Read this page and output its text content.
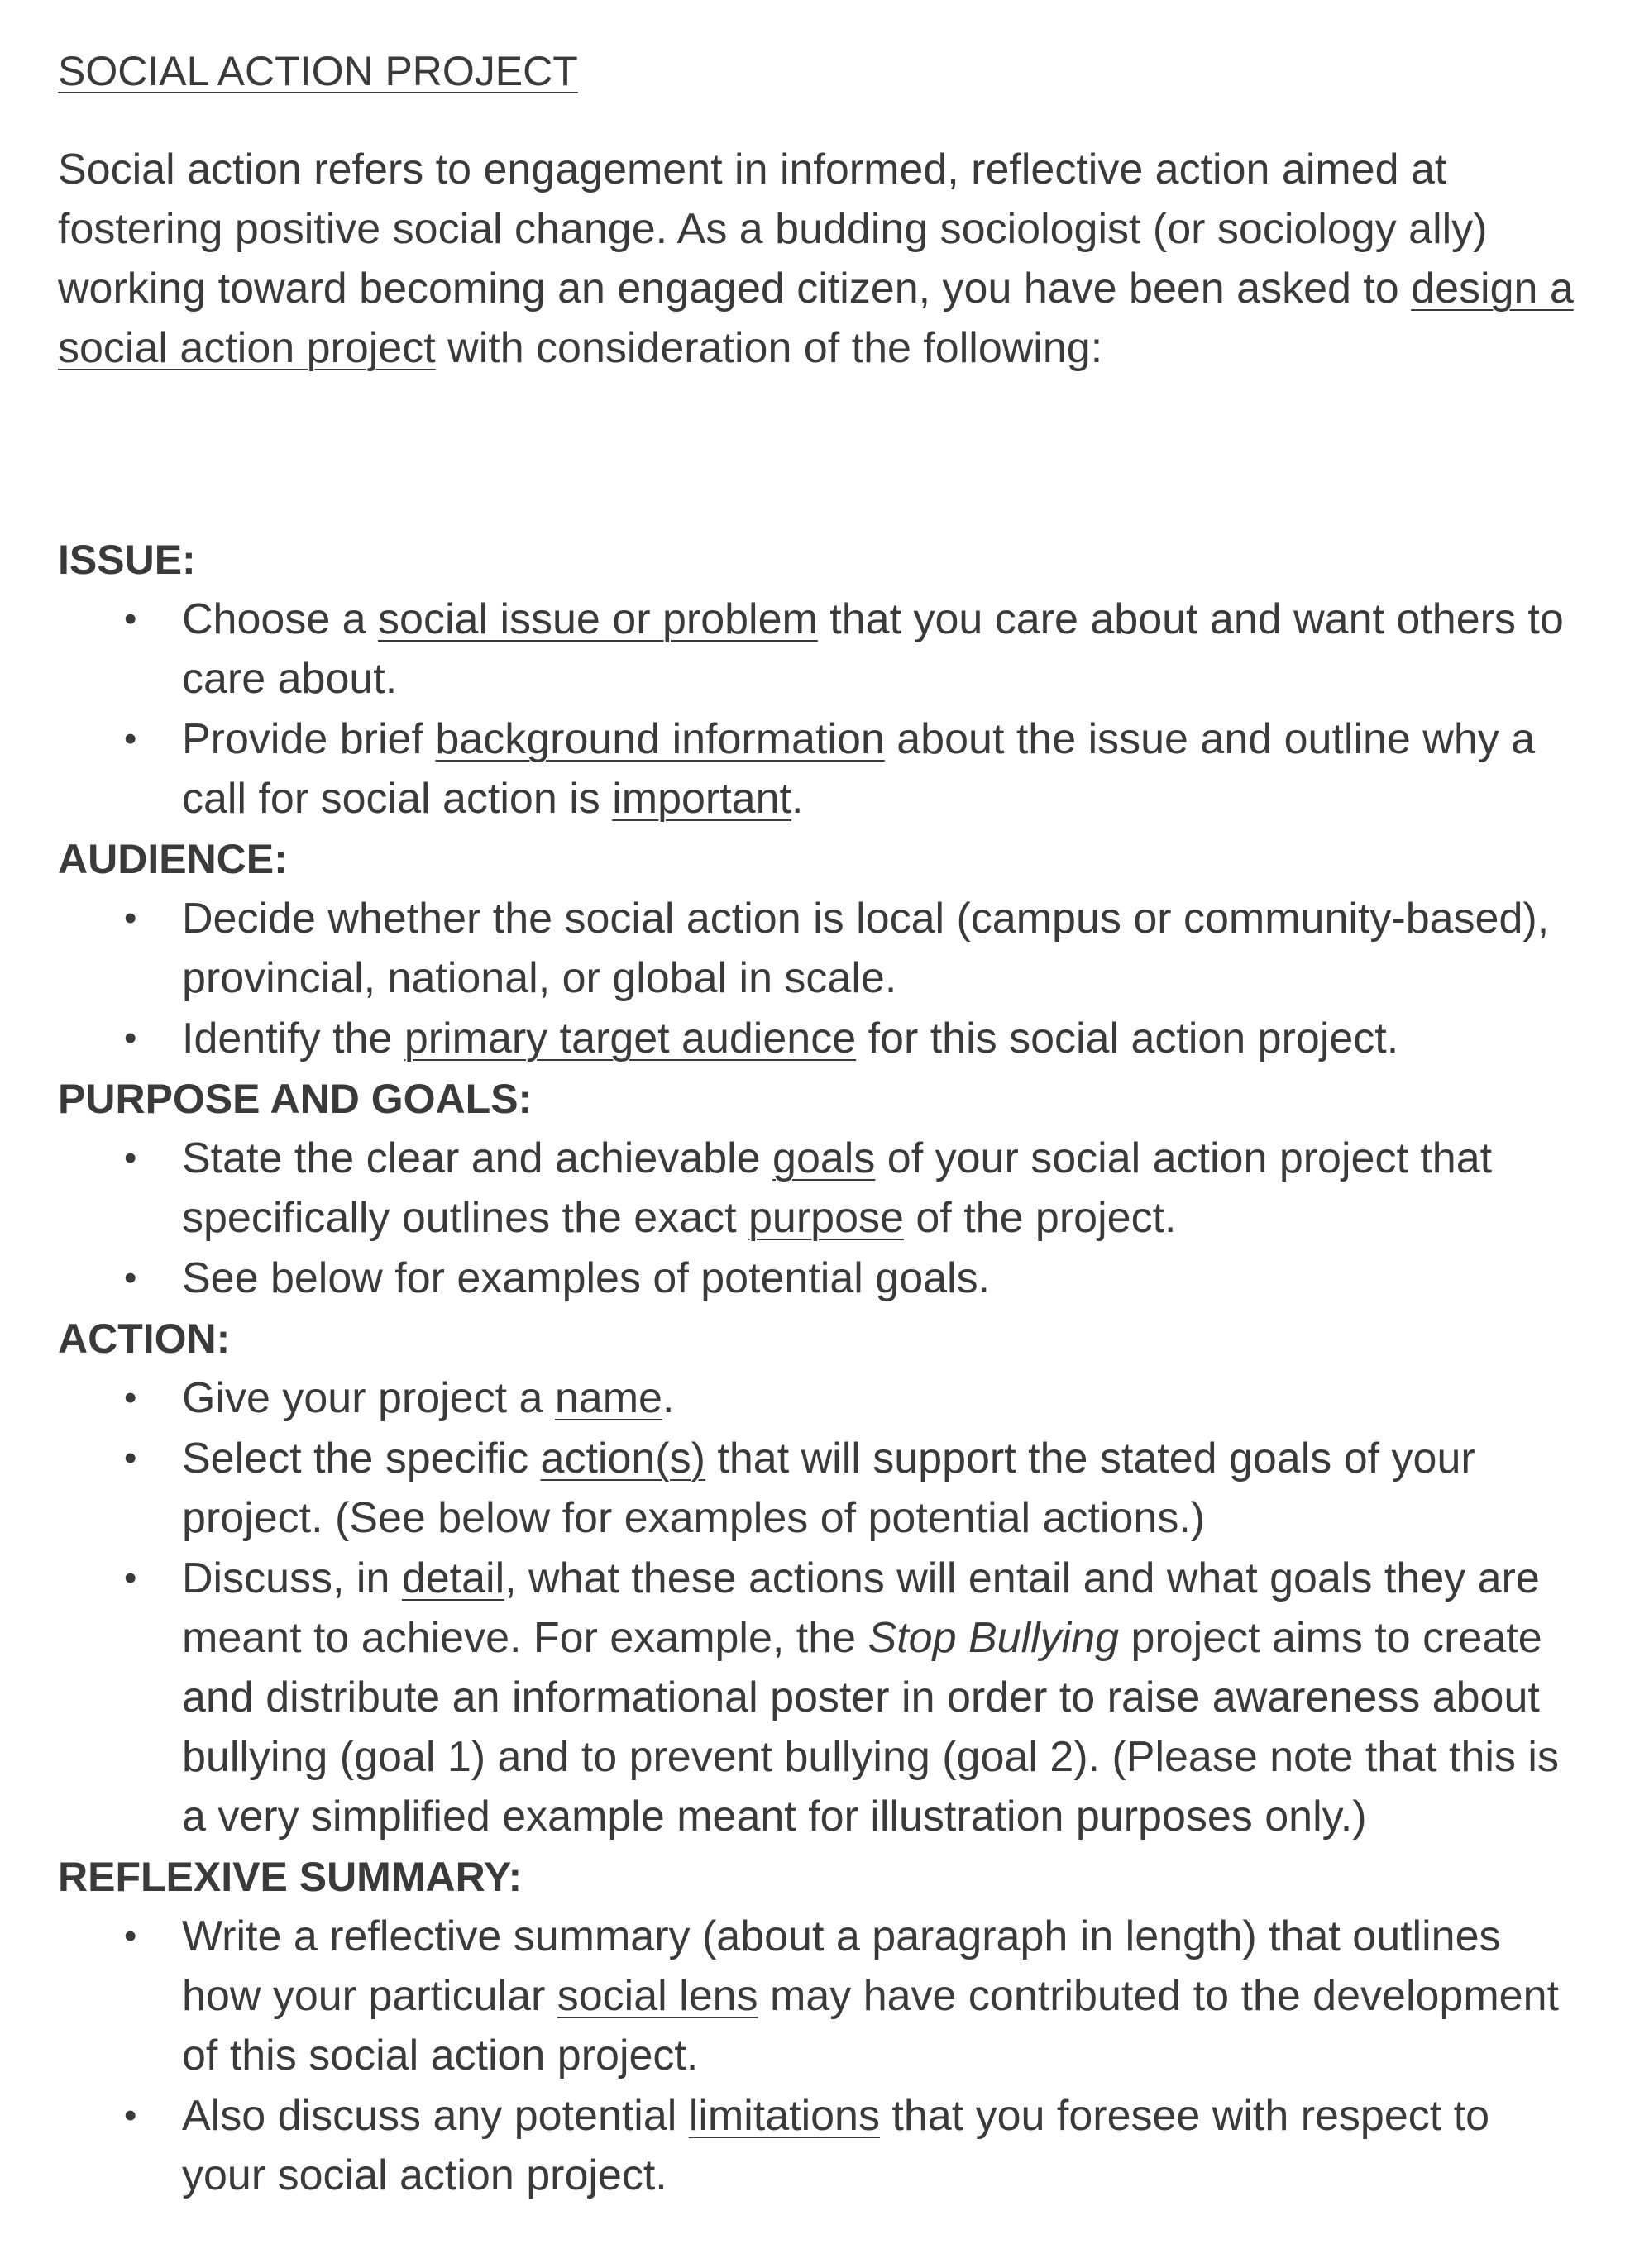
SOCIAL ACTION PROJECT

Social action refers to engagement in informed, reflective action aimed at fostering positive social change. As a budding sociologist (or sociology ally) working toward becoming an engaged citizen, you have been asked to design a social action project with consideration of the following:

ISSUE:
• Choose a social issue or problem that you care about and want others to care about.
• Provide brief background information about the issue and outline why a call for social action is important.
AUDIENCE:
• Decide whether the social action is local (campus or community-based), provincial, national, or global in scale.
• Identify the primary target audience for this social action project.
PURPOSE AND GOALS:
• State the clear and achievable goals of your social action project that specifically outlines the exact purpose of the project.
• See below for examples of potential goals.
ACTION:
• Give your project a name.
• Select the specific action(s) that will support the stated goals of your project. (See below for examples of potential actions.)
• Discuss, in detail, what these actions will entail and what goals they are meant to achieve. For example, the Stop Bullying project aims to create and distribute an informational poster in order to raise awareness about bullying (goal 1) and to prevent bullying (goal 2). (Please note that this is a very simplified example meant for illustration purposes only.)
REFLEXIVE SUMMARY:
• Write a reflective summary (about a paragraph in length) that outlines how your particular social lens may have contributed to the development of this social action project.
• Also discuss any potential limitations that you foresee with respect to your social action project.
